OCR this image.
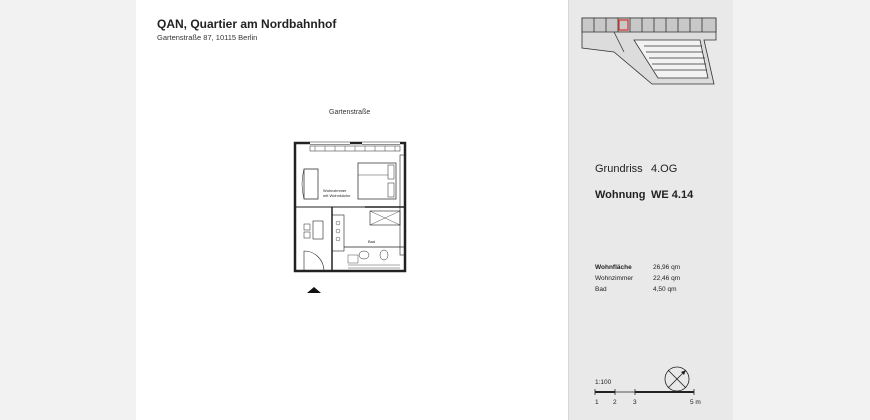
QAN, Quartier am Nordbahnhof
Gartenstraße 87, 10115 Berlin
Gartenstraße
Wohnzimmer
mit Wohnküche
Bad
Grundriss 4.OG
Wohnung WE 4.14
Wohnfläche	26,96 qm
Wohnzimmer	22,46 qm
Bad	4,50 qm
1:100
1 2	3	5 m
